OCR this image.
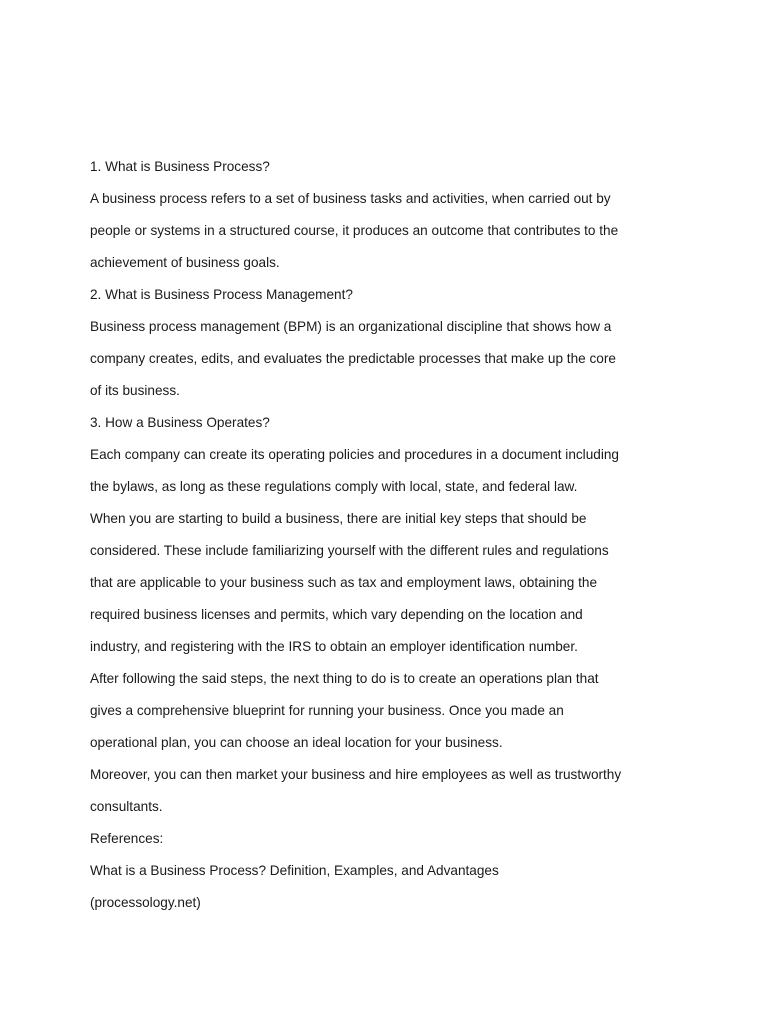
1. What is Business Process?
A business process refers to a set of business tasks and activities, when carried out by
people or systems in a structured course, it produces an outcome that contributes to the
achievement of business goals.
2. What is Business Process Management?
Business process management (BPM) is an organizational discipline that shows how a
company creates, edits, and evaluates the predictable processes that make up the core
of its business.
3. How a Business Operates?
Each company can create its operating policies and procedures in a document including
the bylaws, as long as these regulations comply with local, state, and federal law.
When you are starting to build a business, there are initial key steps that should be
considered. These include familiarizing yourself with the different rules and regulations
that are applicable to your business such as tax and employment laws, obtaining the
required business licenses and permits, which vary depending on the location and
industry, and registering with the IRS to obtain an employer identification number.
After following the said steps, the next thing to do is to create an operations plan that
gives a comprehensive blueprint for running your business. Once you made an
operational plan, you can choose an ideal location for your business.
Moreover, you can then market your business and hire employees as well as trustworthy
consultants.
References:
What is a Business Process? Definition, Examples, and Advantages
(processology.net)
